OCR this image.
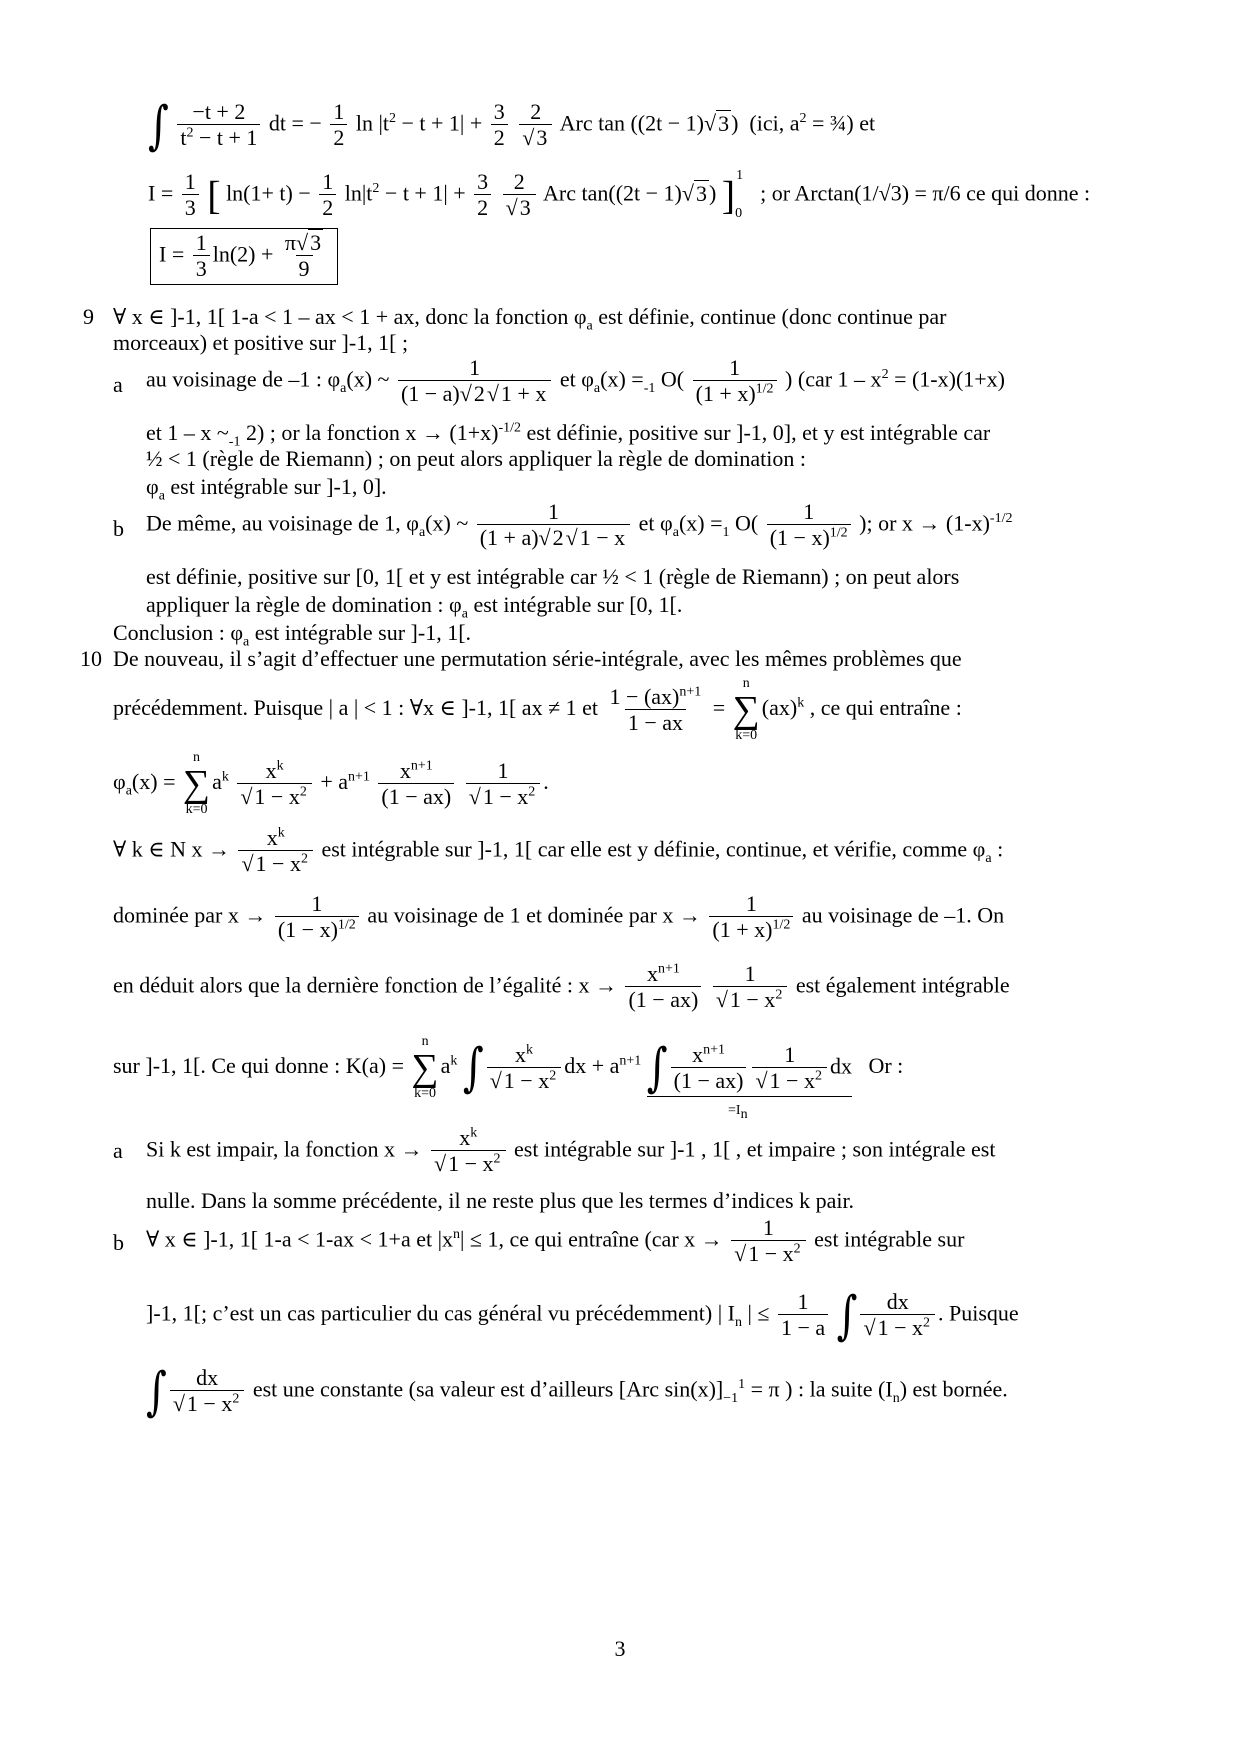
∫ $\frac{-t + 2}{t^2 - t + 1}$ dt = − $\frac{1}{2}$ $\ln |t^2 - t + 1| + \frac{3}{2}$
$\frac{2}{√3}$ Arc tan ((2t − 1)√3)  (ici, $a^2$ = ¾) et
$I = \frac{1}{3}$ [ $\ln(1+ t) - \frac{1}{2} \ln|t^2 - t + 1| + \frac{3}{2}$
$\frac{2}{√3}$ Arc tan((2t − 1)√3) ]$_0^1$  ; or Arctan(1/√3) = π/6 ce qui donne :
$I = \frac{1}{3} \ln(2) + \frac{\pi√3}{9}$
9 ∀ x ∈ ]-1, 1[ 1-a < 1 – ax < 1 + ax, donc la fonction $\varphi_a$ est définie, continue (donc continue par
morceaux) et positive sur ]-1, 1[ ;
a au voisinage de –1 : $\varphi_a(x)$ ~ $\frac{1}{(1 - a)√2√1 + x}$ et $\varphi_a(x) =_{-1}$ $O( \frac{1}{(1 + x)^{1/2}}$ ) (car $1 - x^2 = (1-x)(1+x)$
et 1 – x $\sim_{-1}$ 2) ; or la fonction $x \to (1+x)^{-1/2}$ est définie, positive sur ]-1, 0], et y est intégrable car
½ < 1 (règle de Riemann) ; on peut alors appliquer la règle de domination :
$\varphi_a$ est intégrable sur ]-1, 0].
b De même, au voisinage de 1, $\varphi_a(x)$ ~ $\frac{1}{(1 + a)√2√1 - x}$ et $\varphi_a(x) =_1$ $O( \frac{1}{(1 - x)^{1/2}}$ ); or $x \to (1-x)^{-1/2}$
est définie, positive sur [0, 1[ et y est intégrable car ½ < 1 (règle de Riemann) ; on peut alors
appliquer la règle de domination : $\varphi_a$ est intégrable sur [0, 1[.
Conclusion : $\varphi_a$ est intégrable sur ]-1, 1[.
10 De nouveau, il s’agit d’effectuer une permutation série-intégrale, avec les mêmes problèmes que
précédemment. Puisque | a | < 1 : ∀x ∈ ]-1, 1[ ax ≠ 1 et $\frac{1 - (ax)^{n+1}}{1 - ax}$ =
n
∑
k=0
(ax)$^k$ , ce qui entraîne :
$\varphi_a(x)$ =
n
∑
k=0
$a^k \frac{x^k}{√1 - x^2} + a^{n+1} \frac{x^{n+1}}{(1 - ax)}$
$\frac{1}{√1 - x^2}$ .
∀ k ∈ N $x \to \frac{x^k}{√1 - x^2}$ est intégrable sur ]-1, 1[ car elle est y définie, continue, et vérifie, comme $\varphi_a$ :
dominée par $x \to \frac{1}{(1 - x)^{1/2}}$ au voisinage de 1 et dominée par $x \to \frac{1}{(1 + x)^{1/2}}$ au voisinage de –1. On
en déduit alors que la dernière fonction de l’égalité : $x \to \frac{x^{n+1}}{(1 - ax)}$
$\frac{1}{√1 - x^2}$ est également intégrable
sur ]-1, 1[. Ce qui donne : K(a) =
n
∑
k=0
$a^k$ ∫ $\frac{x^k}{√1 - x^2}$ dx + $a^{n+1}$ ∫ $\frac{x^{n+1}}{(1 - ax)} \frac{1}{√1 - x^2}$ dx Or :
=In
a Si k est impair, la fonction $x \to \frac{x^k}{√1 - x^2}$ est intégrable sur ]-1 , 1[ , et impaire ; son intégrale est
nulle. Dans la somme précédente, il ne reste plus que les termes d’indices k pair.
b ∀ x ∈ ]-1, 1[ 1-a < 1-ax < 1+a et $|x^n| \le 1$, ce qui entraîne (car $x \to \frac{1}{√1 - x^2}$ est intégrable sur
]-1, 1[; c’est un cas particulier du cas général vu précédemment) | $I_n$ | ≤ $\frac{1}{1 - a}$ ∫ $\frac{dx}{√1 - x^2}$ . Puisque
∫ $\frac{dx}{√1 - x^2}$ est une constante (sa valeur est d’ailleurs [Arc $\sin(x)]_{-1}^1 = \pi$ ) : la suite $(I_n)$ est bornée.
3
